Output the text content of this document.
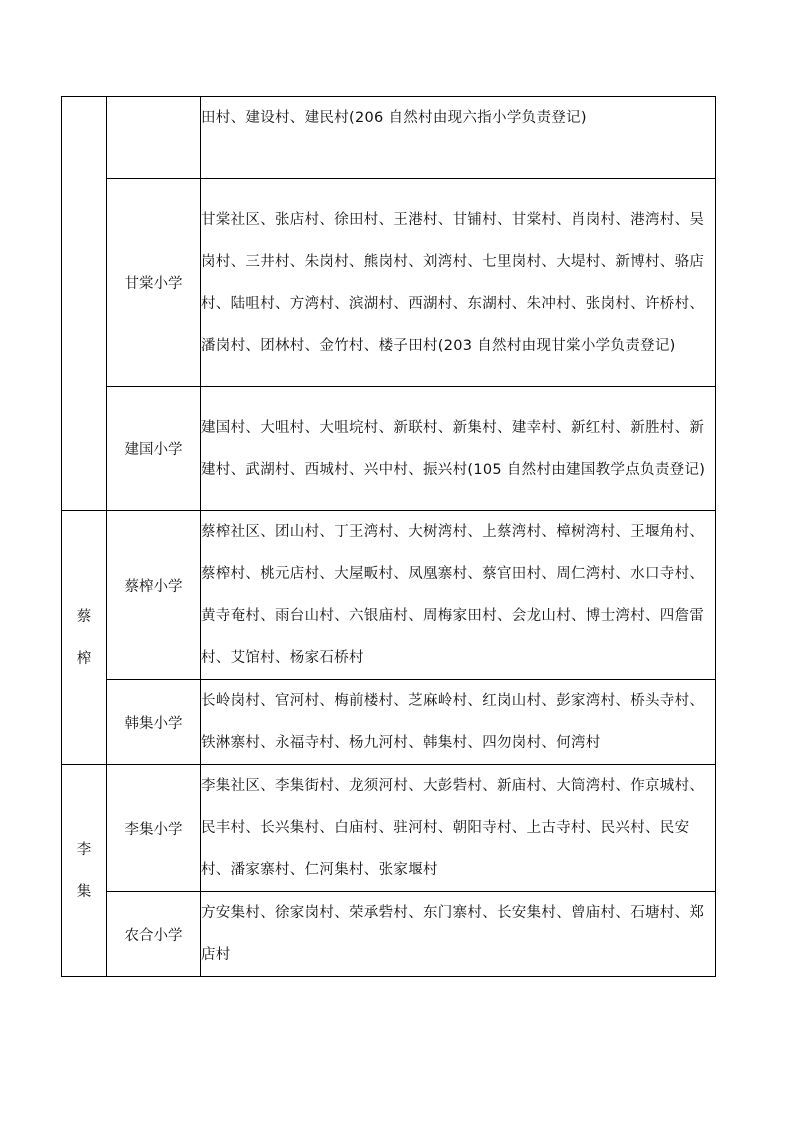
		田村、建设村、建民村(206 自然村由现六指小学负责登记)
	甘棠小学	甘棠社区、张店村、徐田村、王港村、甘铺村、甘棠村、肖岗村、港湾村、吴岗村、三井村、朱岗村、熊岗村、刘湾村、七里岗村、大堤村、新博村、骆店村、陆咀村、方湾村、滨湖村、西湖村、东湖村、朱冲村、张岗村、许桥村、潘岗村、团林村、金竹村、楼子田村(203 自然村由现甘棠小学负责登记)
	建国小学	建国村、大咀村、大咀垸村、新联村、新集村、建幸村、新红村、新胜村、新建村、武湖村、西城村、兴中村、振兴村(105 自然村由建国教学点负责登记)
蔡榨	蔡榨小学	蔡榨社区、团山村、丁王湾村、大树湾村、上蔡湾村、樟树湾村、王堰角村、蔡榨村、桃元店村、大屋畈村、凤凰寨村、蔡官田村、周仁湾村、水口寺村、黄寺奄村、雨台山村、六银庙村、周梅家田村、会龙山村、博士湾村、四詹雷村、艾馆村、杨家石桥村
	韩集小学	长岭岗村、官河村、梅前楼村、芝麻岭村、红岗山村、彭家湾村、桥头寺村、铁淋寨村、永福寺村、杨九河村、韩集村、四勿岗村、何湾村
李集	李集小学	李集社区、李集街村、龙须河村、大彭砦村、新庙村、大筒湾村、作京城村、民丰村、长兴集村、白庙村、驻河村、朝阳寺村、上古寺村、民兴村、民安村、潘家寨村、仁河集村、张家堰村
	农合小学	方安集村、徐家岗村、荣承砦村、东门寨村、长安集村、曾庙村、石塘村、郑店村
